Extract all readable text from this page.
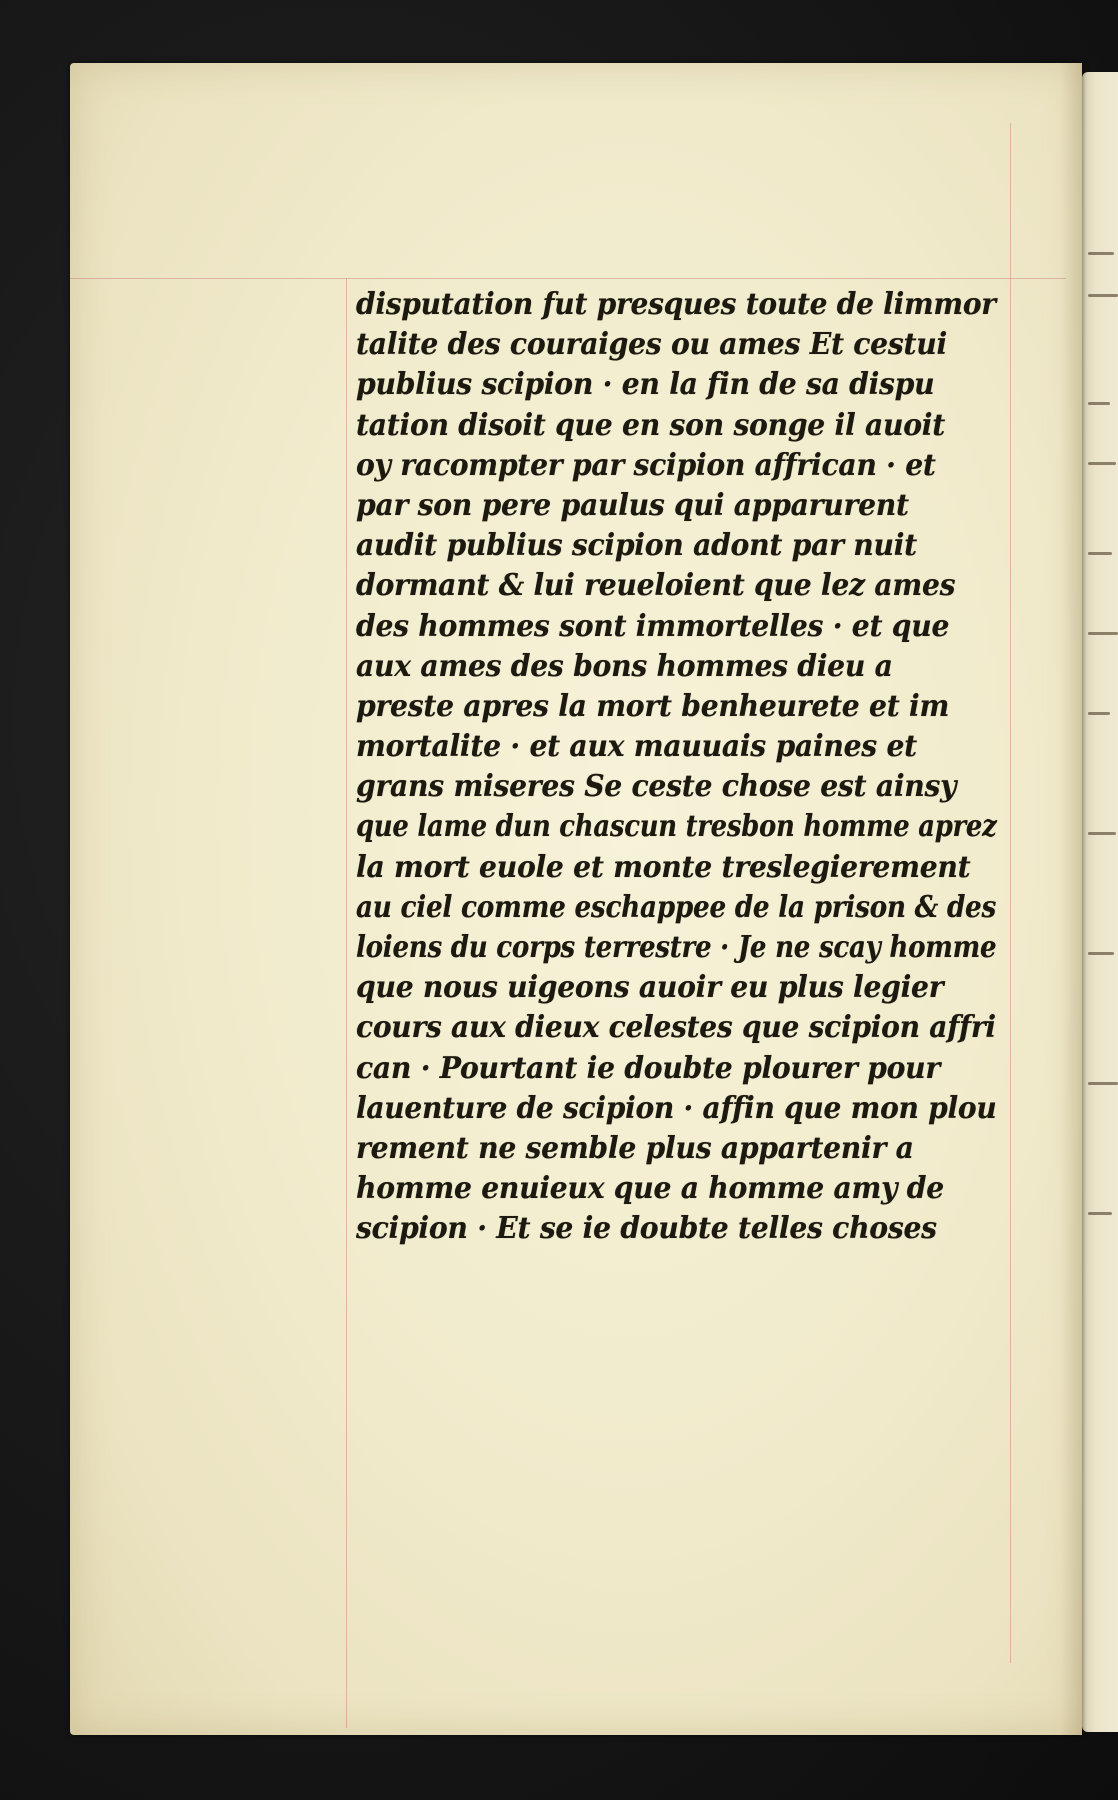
disputation fut presques toute de limmor
talite des couraiges ou ames Et cestui
publius scipion · en la fin de sa dispu
tation disoit que en son songe il auoit
oy racompter par scipion affrican · et
par son pere paulus qui apparurent
audit publius scipion adont par nuit
dormant & lui reueloient que lez ames
des hommes sont immortelles · et que
aux ames des bons hommes dieu a
preste apres la mort benheurete et im
mortalite · et aux mauuais paines et
grans miseres Se ceste chose est ainsy
que lame dun chascun tresbon homme aprez
la mort euole et monte treslegierement
au ciel comme eschappee de la prison & des
loiens du corps terrestre · Je ne scay homme
que nous uigeons auoir eu plus legier
cours aux dieux celestes que scipion affri
can · Pourtant ie doubte plourer pour
lauenture de scipion · affin que mon plou
rement ne semble plus appartenir a
homme enuieux que a homme amy de
scipion · Et se ie doubte telles choses
